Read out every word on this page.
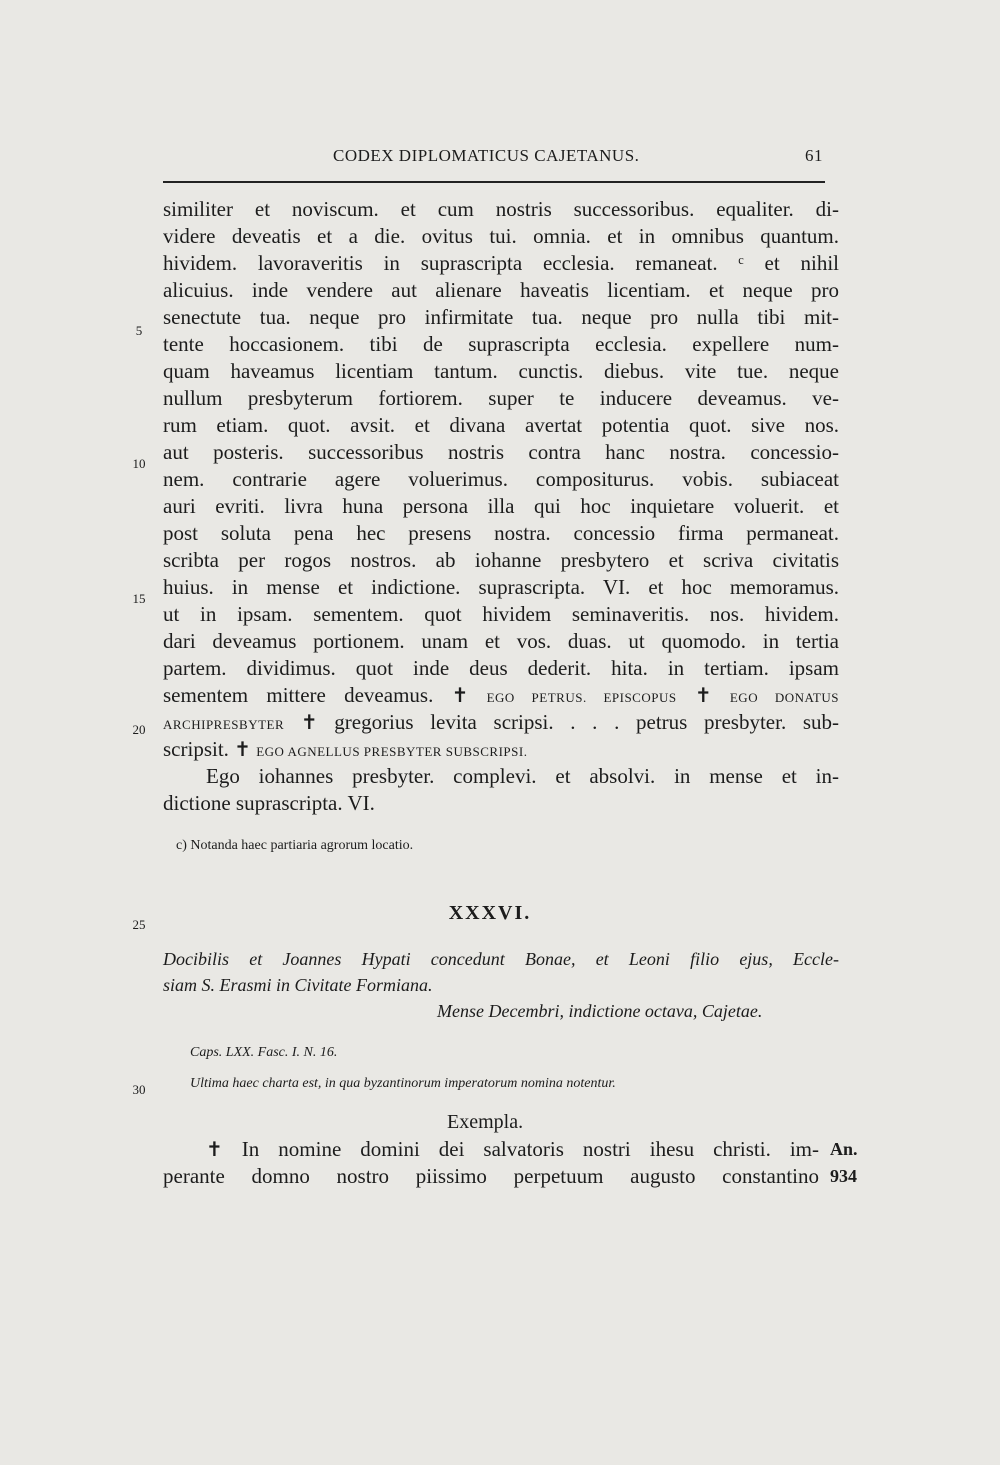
CODEX DIPLOMATICUS CAJETANUS.	61
similiter et noviscum. et cum nostris successoribus. equaliter. di-
videre deveatis et a die. ovitus tui. omnia. et in omnibus quantum.
hividem. lavoraveritis in suprascripta ecclesia. remaneat. ᶜ et nihil
alicuius. inde vendere aut alienare haveatis licentiam. et neque pro
senectute tua. neque pro infirmitate tua. neque pro nulla tibi mit-
tente hoccasionem. tibi de suprascripta ecclesia. expellere num-
quam haveamus licentiam tantum. cunctis. diebus. vite tue. neque
nullum presbyterum fortiorem. super te inducere deveamus. ve-
rum etiam. quot. avsit. et divana avertat potentia quot. sive nos.
aut posteris. successoribus nostris contra hanc nostra. concessio-
nem. contrarie agere voluerimus. compositurus. vobis. subiaceat
auri evriti. livra huna persona illa qui hoc inquietare voluerit. et
post soluta pena hec presens nostra. concessio firma permaneat.
scribta per rogos nostros. ab iohanne presbytero et scriva civitatis
huius. in mense et indictione. suprascripta. VI. et hoc memoramus.
ut in ipsam. sementem. quot hividem seminaveritis. nos. hividem.
dari deveamus portionem. unam et vos. duas. ut quomodo. in tertia
partem. dividimus. quot inde deus dederit. hita. in tertiam. ipsam
sementem mittere deveamus. ✝ EGO PETRUS. EPISCOPUS ✝ EGO DONATUS
ARCHIPRESBYTER ✝ gregorius levita scripsi. . . . petrus presbyter. sub-
scripsit. ✝ EGO AGNELLUS PRESBYTER SUBSCRIPSI.
Ego iohannes presbyter. complevi. et absolvi. in mense et in-
dictione suprascripta. VI.
5
10
15
20
25
30
c) Notanda haec partiaria agrorum locatio.
XXXVI.
Docibilis et Joannes Hypati concedunt Bonae, et Leoni filio ejus, Eccle-
siam S. Erasmi in Civitate Formiana.
Mense Decembri, indictione octava, Cajetae.
Caps. LXX. Fasc. I. N. 16.
Ultima haec charta est, in qua byzantinorum imperatorum nomina notentur.
Exempla.
✝ In nomine domini dei salvatoris nostri ihesu christi. im-
perante domno nostro piissimo perpetuum augusto constantino
An.
934
